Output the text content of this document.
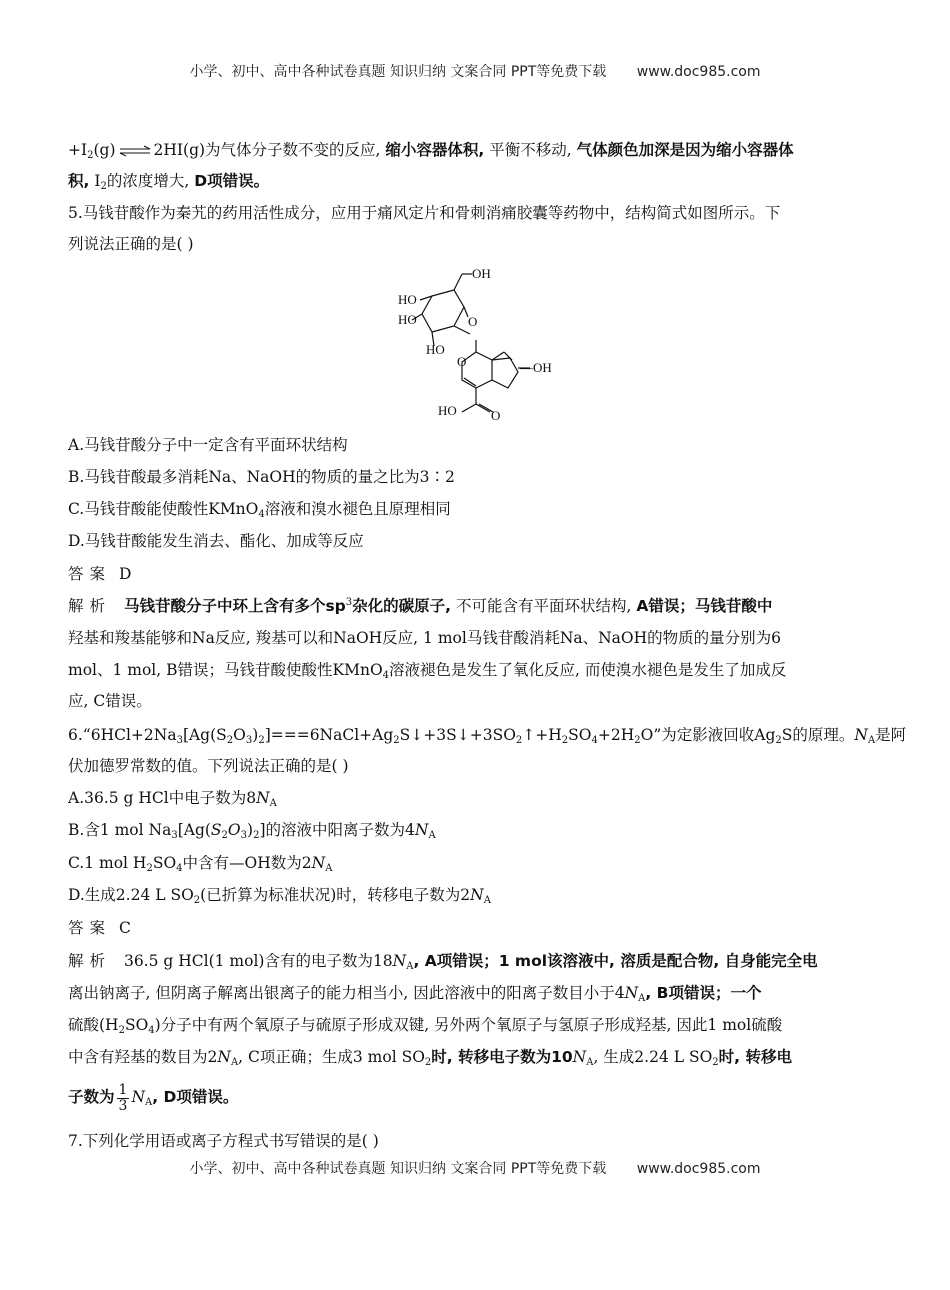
小学、初中、高中各种试卷真题 知识归纳 文案合同 PPT等免费下载 www.doc985.com
$+I_2(g)$ ⇌ 2HI(g)为气体分子数不变的反应, 缩小容器体积, 平衡不移动, 气体颜色加深是因为缩小容器体
积, $I_2$的浓度增大, D项错误。
5.马钱苷酸作为秦艽的药用活性成分，应用于痛风定片和骨刺消痛胶囊等药物中，结构简式如图所示。下
列说法正确的是( )
OH
HO
HO
HO
O
O	—OH
HO	O
A.马钱苷酸分子中一定含有平面环状结构
B.马钱苷酸最多消耗Na、NaOH的物质的量之比为3∶2
C.马钱苷酸能使酸性KMnO$_4$溶液和溴水褪色且原理相同
D.马钱苷酸能发生消去、酯化、加成等反应
答案 D
解析 马钱苷酸分子中环上含有多个$sp^3$杂化的碳原子, 不可能含有平面环状结构, A错误；马钱苷酸中
羟基和羧基能够和Na反应, 羧基可以和NaOH反应, 1 mol马钱苷酸消耗Na、NaOH的物质的量分别为6
mol、1 mol, B错误；马钱苷酸使酸性KMnO$_4$溶液褪色是发生了氧化反应, 而使溴水褪色是发生了加成反
应, C错误。
$6.“6HCl+2Na_3[Ag(S_2O_3)_2]===6NaCl+Ag_2S↓+3S↓+3SO_2↑+H_2SO_4+2H_2O$”为定影液回收$Ag_2S$的原理。$N_A$是阿
伏加德罗常数的值。下列说法正确的是( )
A.36.5 g HCl中电子数为$8N_A$
B.含1 mol $Na_3[Ag(S_2O_3)_2]$的溶液中阳离子数为$4N_A$
C.1 mol $H_2SO_4$中含有—OH数为$2N_A$
D.生成2.24 L $SO_2$(已折算为标准状况)时，转移电子数为$2N_A$
答案 C
解析 36.5 g HCl(1 mol)含有的电子数为$18N_A$, A项错误；1 mol该溶液中, 溶质是配合物, 自身能完全电
离出钠离子, 但阴离子解离出银离子的能力相当小, 因此溶液中的阳离子数目小于$4N_A$, B项错误；一个
硫酸$(H_2SO_4)$分子中有两个氧原子与硫原子形成双键, 另外两个氧原子与氢原子形成羟基, 因此1 mol硫酸
中含有羟基的数目为$2N_A$, C项正确；生成3 mol $SO_2$时, 转移电子数为$10N_A$, 生成2.24 L $SO_2$时, 转移电
子数为 $\frac{1}{3} N_A$, D项错误。
7.下列化学用语或离子方程式书写错误的是( )
小学、初中、高中各种试卷真题 知识归纳 文案合同 PPT等免费下载 www.doc985.com
